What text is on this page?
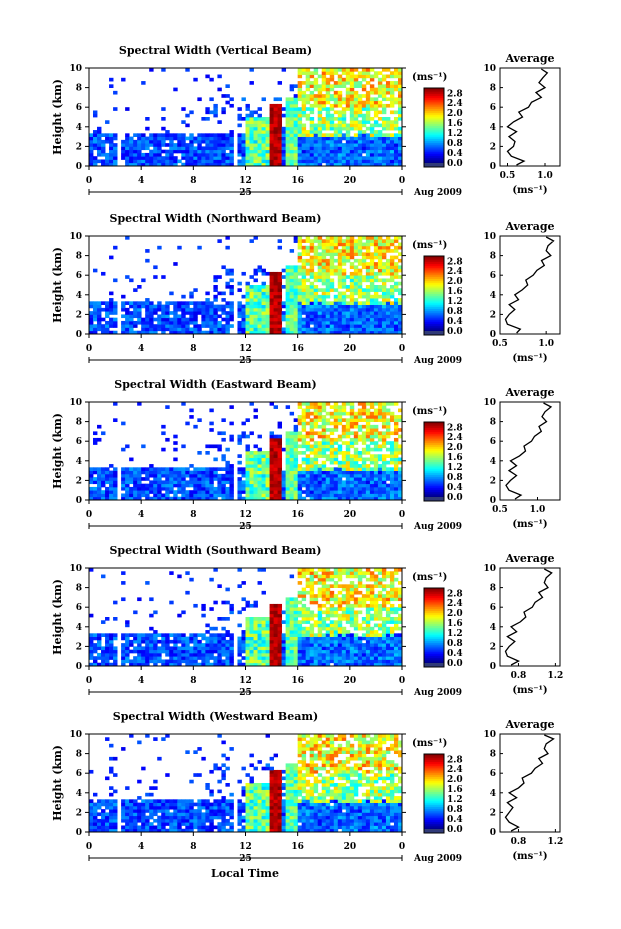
Spectral Width (Vertical Beam)
0
2
4
6
8
10
Height (km)
0	4	8	12	16	20	0
25	Aug 2009
(ms⁻¹)
0.0
0.4
0.8
1.2
1.6
2.0
2.4
2.8
Average
0
2
4
6
8
10
0.5 1.0
(ms⁻¹)
Spectral Width (Northward Beam)
0
2
4
6
8
10
Height (km)
0	4	8	12	16	20	0
25	Aug 2009
(ms⁻¹)
0.0
0.4
0.8
1.2
1.6
2.0
2.4
2.8
Average
0
2
4
6
8
10
0.5	1.0
(ms⁻¹)
Spectral Width (Eastward Beam)
0
2
4
6
8
10
Height (km)
0	4	8	12	16	20	0
25	Aug 2009
(ms⁻¹)
0.0
0.4
0.8
1.2
1.6
2.0
2.4
2.8
Average
0
2
4
6
8
10
0.5 1.0
(ms⁻¹)
Spectral Width (Southward Beam)
0
2
4
6
8
10
Height (km)
0	4	8	12	16	20	0
25	Aug 2009
(ms⁻¹)
0.0
0.4
0.8
1.2
1.6
2.0
2.4
2.8
Average
0
2
4
6
8
10
0.8 1.2
(ms⁻¹)
Spectral Width (Westward Beam)
0
2
4
6
8
10
Height (km)
0	4	8	12	16	20	0
25	Aug 2009
(ms⁻¹)
0.0
0.4
0.8
1.2
1.6
2.0
2.4
2.8
Average
0
2
4
6
8
10
0.8 1.2
(ms⁻¹)
Local Time
